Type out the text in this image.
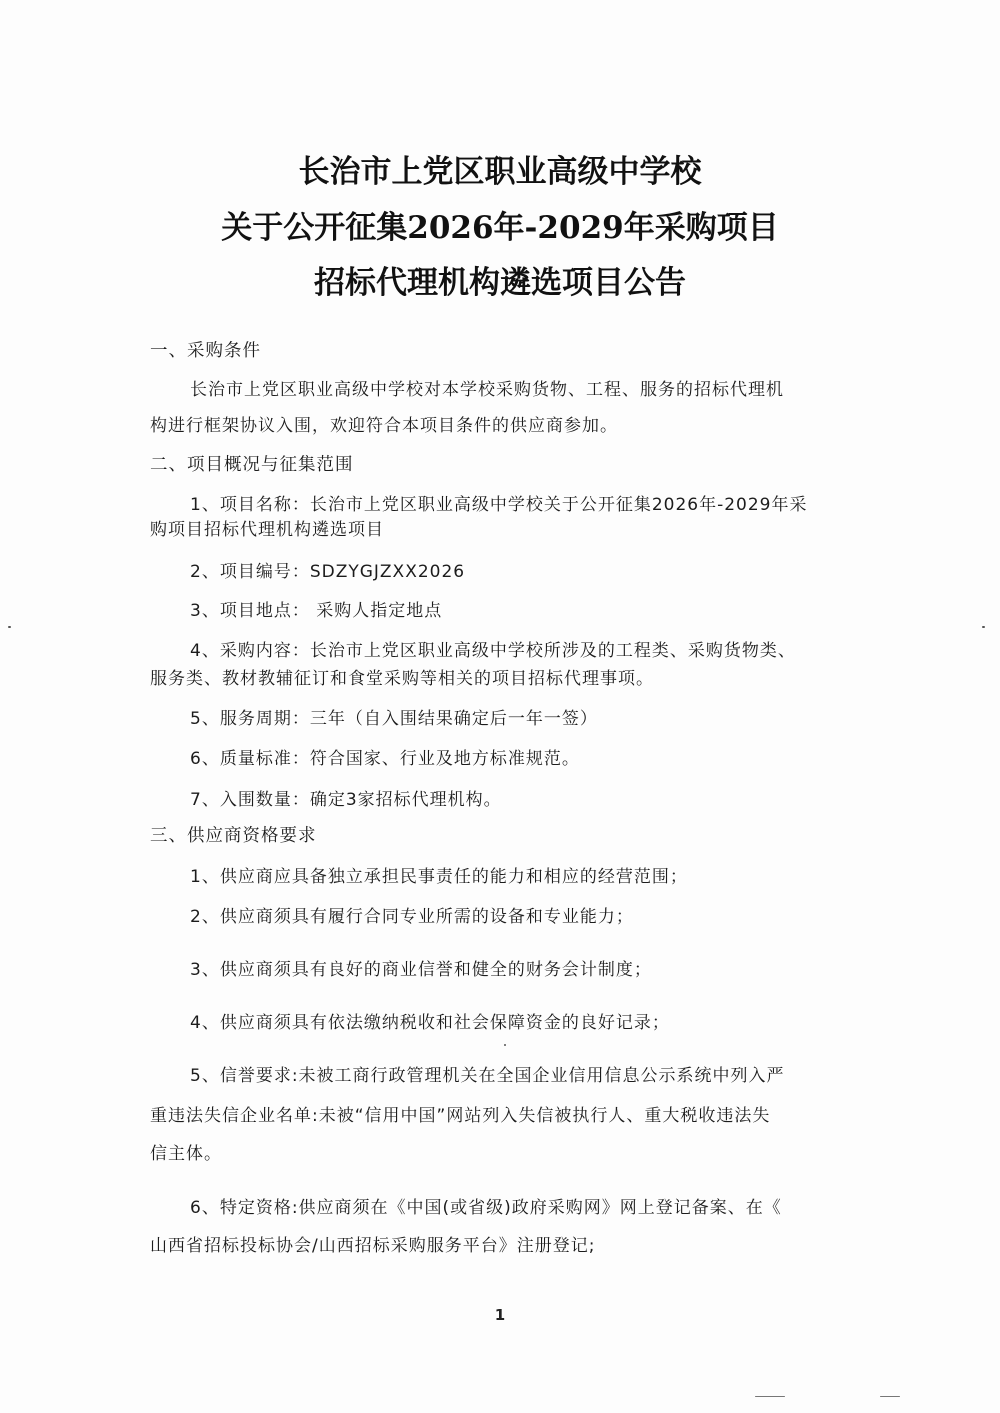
长治市上党区职业高级中学校
关于公开征集2026年-2029年采购项目
招标代理机构遴选项目公告
一、采购条件
长治市上党区职业高级中学校对本学校采购货物、工程、服务的招标代理机
构进行框架协议入围，欢迎符合本项目条件的供应商参加。
二、项目概况与征集范围
1、项目名称：长治市上党区职业高级中学校关于公开征集2026年-2029年采
购项目招标代理机构遴选项目
2、项目编号：SDZYGJZXX2026
3、项目地点： 采购人指定地点
4、采购内容：长治市上党区职业高级中学校所涉及的工程类、采购货物类、
服务类、教材教辅征订和食堂采购等相关的项目招标代理事项。
5、服务周期：三年（自入围结果确定后一年一签）
6、质量标准：符合国家、行业及地方标准规范。
7、入围数量：确定3家招标代理机构。
三、供应商资格要求
1、供应商应具备独立承担民事责任的能力和相应的经营范围；
2、供应商须具有履行合同专业所需的设备和专业能力；
3、供应商须具有良好的商业信誉和健全的财务会计制度；
4、供应商须具有依法缴纳税收和社会保障资金的良好记录；
5、信誉要求:未被工商行政管理机关在全国企业信用信息公示系统中列入严
重违法失信企业名单:未被“信用中国”网站列入失信被执行人、重大税收违法失
信主体。
6、特定资格:供应商须在《中国(或省级)政府采购网》网上登记备案、在《
山西省招标投标协会/山西招标采购服务平台》注册登记;
1
